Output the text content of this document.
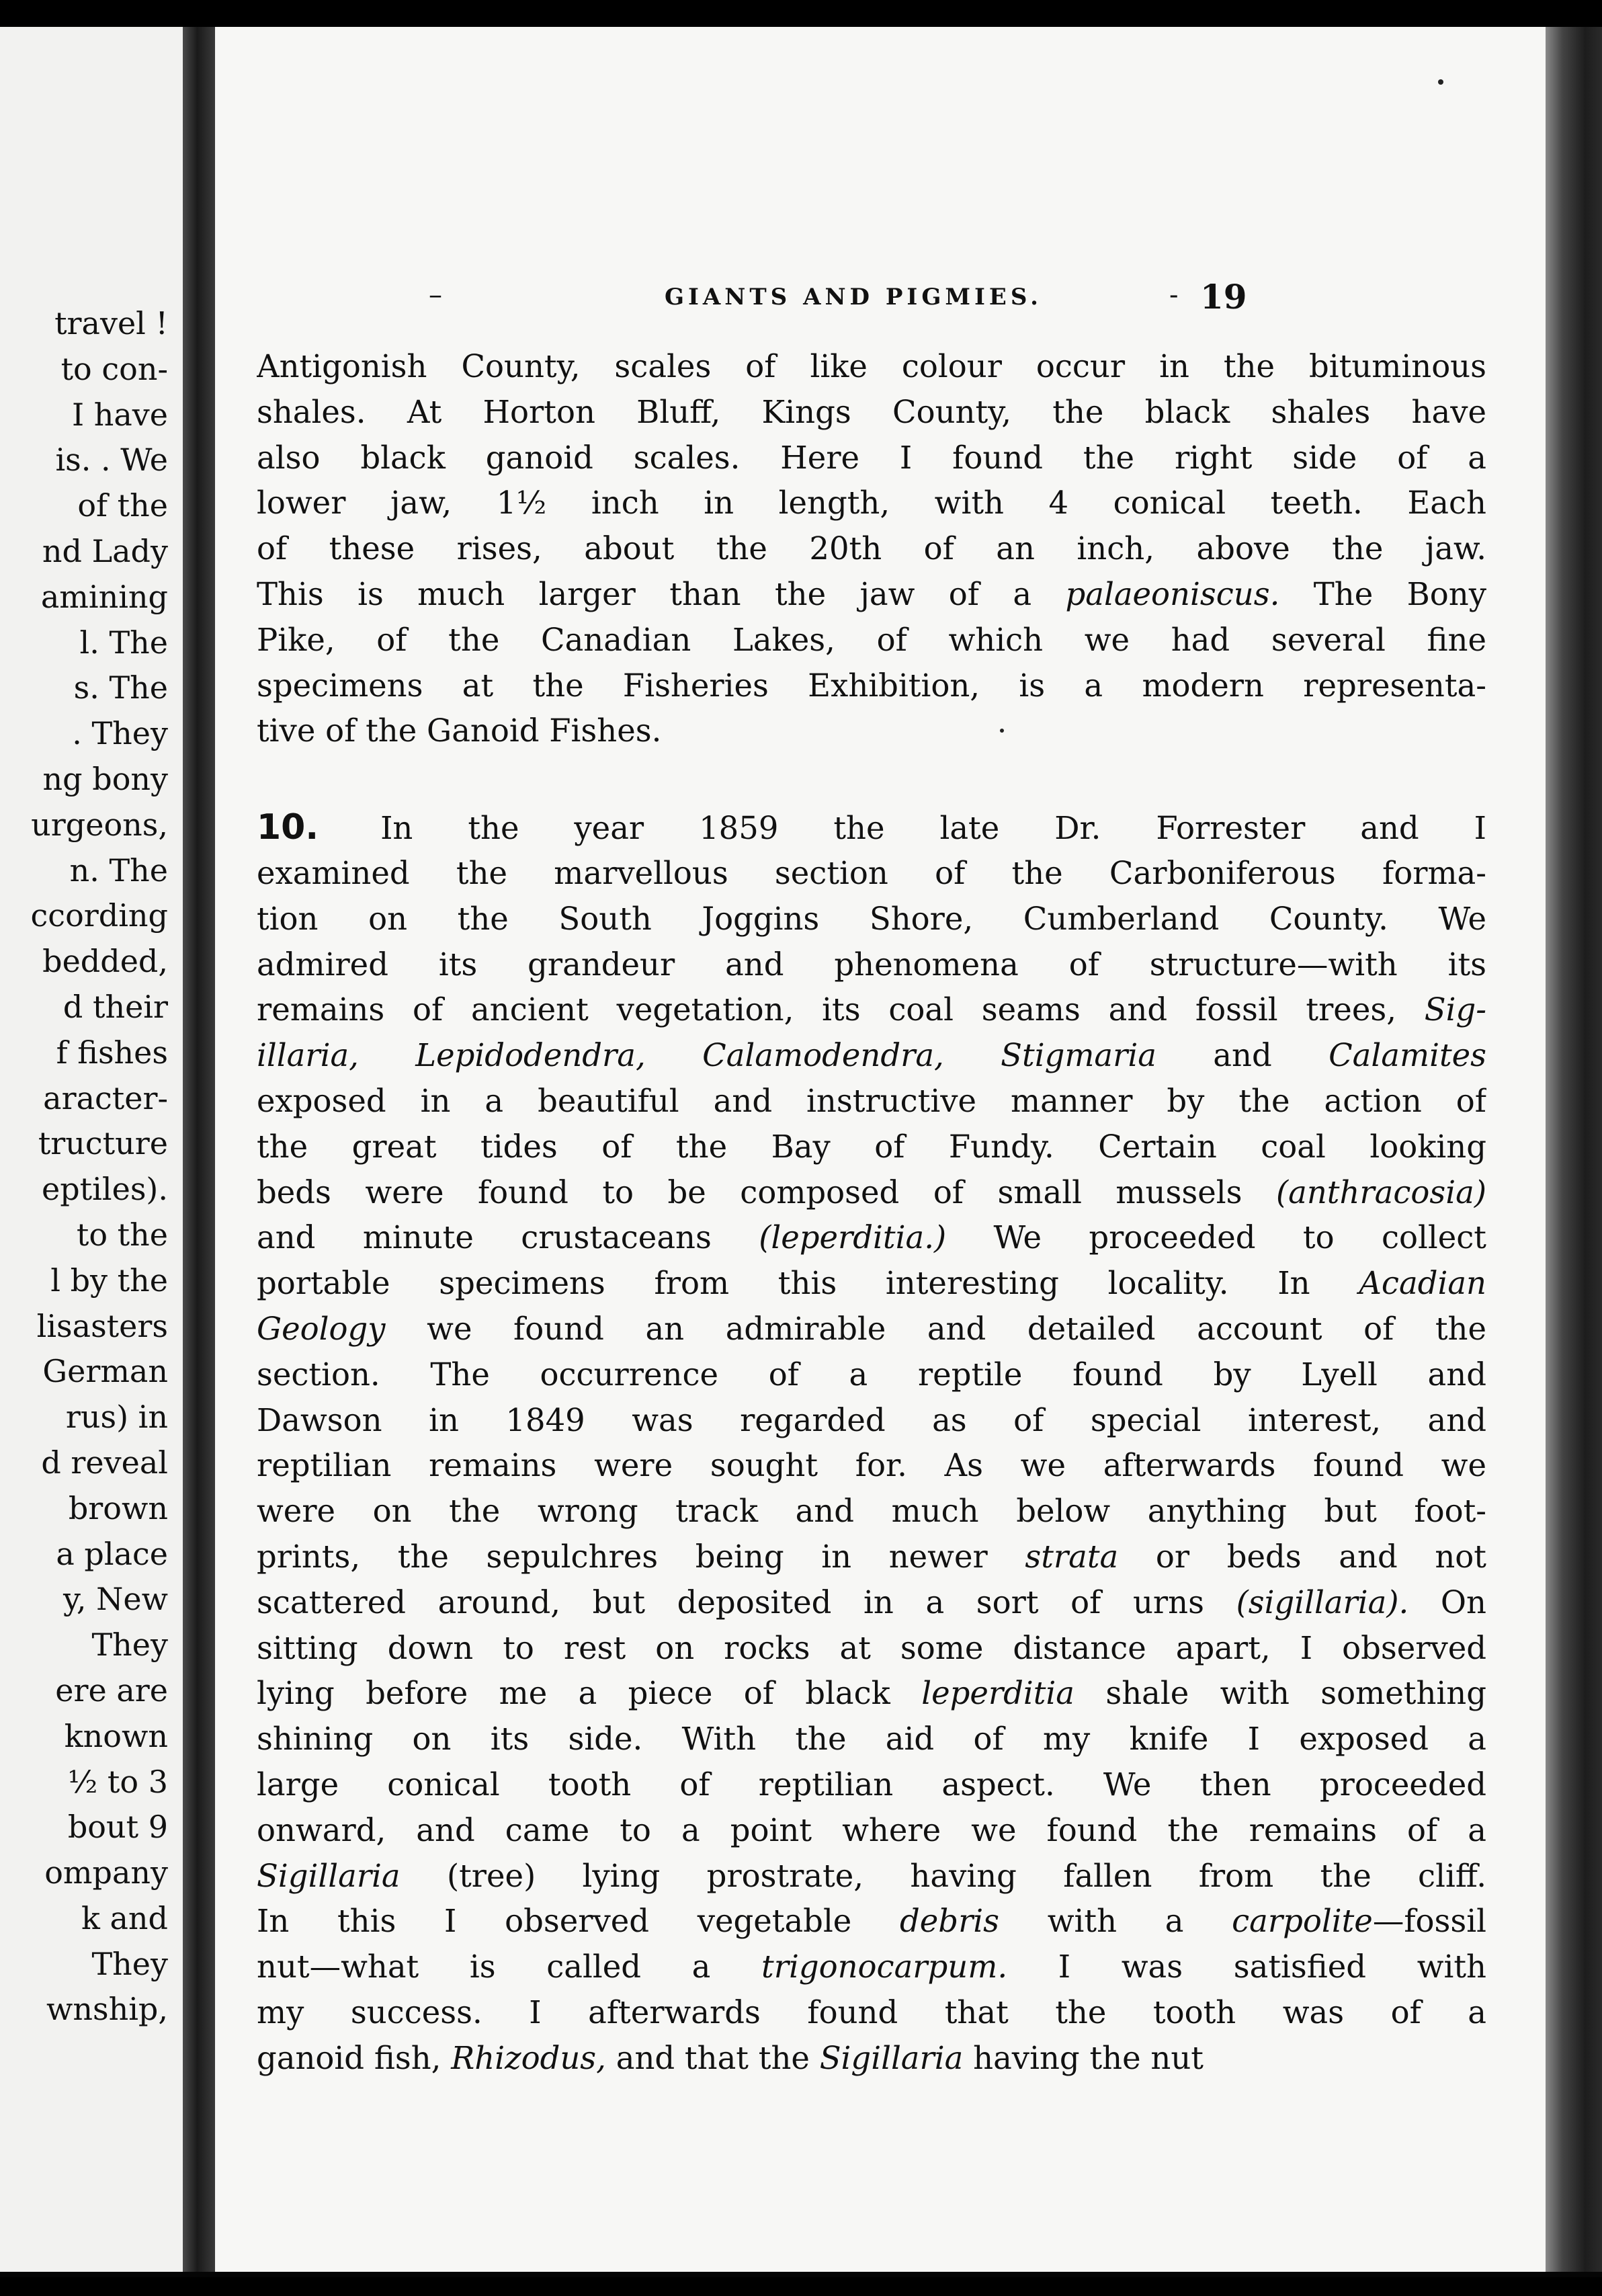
travel !
to con-
I have
is. . We
of the
nd Lady
amining
l. The
s. The
. They
ng bony
urgeons,
n. The
ccording
bedded,
d their
f fishes
aracter-
tructure
eptiles).
to the
l by the
lisasters
German
rus) in
d reveal
brown
a place
y, New
They
ere are
known
½ to 3
bout 9
ompany
k and
They
wnship,
–	GIANTS AND PIGMIES.	- 19
Antigonish County, scales of like colour occur in the bituminous
shales. At Horton Bluff, Kings County, the black shales have
also black ganoid scales. Here I found the right side of a
lower jaw, 1½ inch in length, with 4 conical teeth. Each
of these rises, about the 20th of an inch, above the jaw.
This is much larger than the jaw of a palaeoniscus. The Bony
Pike, of the Canadian Lakes, of which we had several fine
specimens at the Fisheries Exhibition, is a modern representa-
tive of the Ganoid Fishes.
10. In the year 1859 the late Dr. Forrester and I
examined the marvellous section of the Carboniferous forma-
tion on the South Joggins Shore, Cumberland County. We
admired its grandeur and phenomena of structure—with its
remains of ancient vegetation, its coal seams and fossil trees, Sig-
illaria, Lepidodendra, Calamodendra, Stigmaria and Calamites
exposed in a beautiful and instructive manner by the action of
the great tides of the Bay of Fundy. Certain coal looking
beds were found to be composed of small mussels (anthracosia)
and minute crustaceans (leperditia.) We proceeded to collect
portable specimens from this interesting locality. In Acadian
Geology we found an admirable and detailed account of the
section. The occurrence of a reptile found by Lyell and
Dawson in 1849 was regarded as of special interest, and
reptilian remains were sought for. As we afterwards found we
were on the wrong track and much below anything but foot-
prints, the sepulchres being in newer strata or beds and not
scattered around, but deposited in a sort of urns (sigillaria). On
sitting down to rest on rocks at some distance apart, I observed
lying before me a piece of black leperditia shale with something
shining on its side. With the aid of my knife I exposed a
large conical tooth of reptilian aspect. We then proceeded
onward, and came to a point where we found the remains of a
Sigillaria (tree) lying prostrate, having fallen from the cliff.
In this I observed vegetable debris with a carpolite—fossil
nut—what is called a trigonocarpum. I was satisfied with
my success. I afterwards found that the tooth was of a
ganoid fish, Rhizodus, and that the Sigillaria having the nut
